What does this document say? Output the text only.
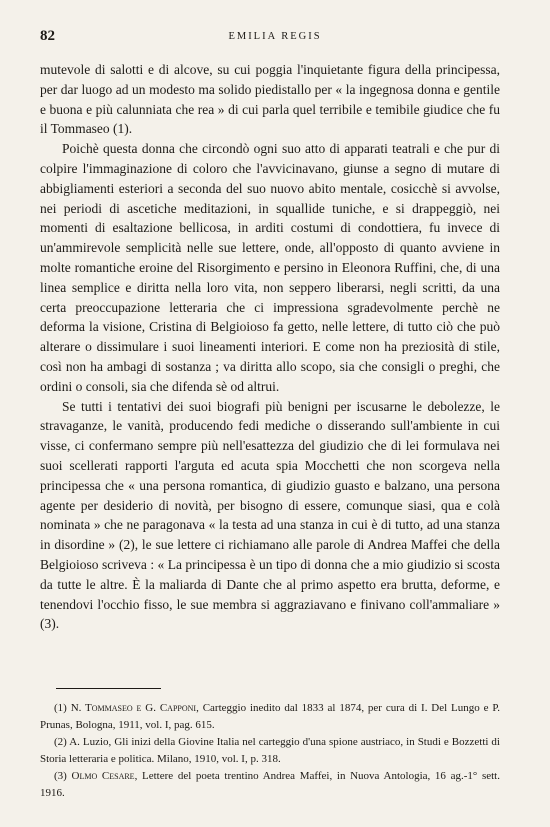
82	EMILIA REGIS

mutevole di salotti e di alcove, su cui poggia l'inquietante figura della principessa, per dar luogo ad un modesto ma solido piedistallo per « la ingegnosa donna e gentile e buona e più calunniata che rea » di cui parla quel terribile e temibile giudice che fu il Tommaseo (1).

Poichè questa donna che circondò ogni suo atto di apparati teatrali e che pur di colpire l'immaginazione di coloro che l'avvicinavano, giunse a segno di mutare di abbigliamenti esteriori a seconda del suo nuovo abito mentale, cosicchè si avvolse, nei periodi di ascetiche meditazioni, in squallide tuniche, e si drappeggiò, nei momenti di esaltazione bellicosa, in arditi costumi di condottiera, fu invece di un'ammirevole semplicità nelle sue lettere, onde, all'opposto di quanto avviene in molte romantiche eroine del Risorgimento e persino in Eleonora Ruffini, che, di una linea semplice e diritta nella loro vita, non seppero liberarsi, negli scritti, da una certa preoccupazione letteraria che ci impressiona sgradevolmente perchè ne deforma la visione, Cristina di Belgioioso fa getto, nelle lettere, di tutto ciò che può alterare o dissimulare i suoi lineamenti interiori. E come non ha preziosità di stile, così non ha ambagi di sostanza ; va diritta allo scopo, sia che consigli o preghi, che ordini o consoli, sia che difenda sè od altrui.

Se tutti i tentativi dei suoi biografi più benigni per iscusarne le debolezze, le stravaganze, le vanità, producendo fedi mediche o disserando sull'ambiente in cui visse, ci confermano sempre più nell'esattezza del giudizio che di lei formulava nei suoi scellerati rapporti l'arguta ed acuta spia Mocchetti che non scorgeva nella principessa che « una persona romantica, di giudizio guasto e balzano, una persona agente per desiderio di novità, per bisogno di essere, comunque siasi, qua e colà nominata » che ne paragonava « la testa ad una stanza in cui è di tutto, ad una stanza in disordine » (2), le sue lettere ci richiamano alle parole di Andrea Maffei che della Belgioioso scriveva : « La principessa è un tipo di donna che a mio giudizio si scosta da tutte le altre. È la maliarda di Dante che al primo aspetto era brutta, deforme, e tenendovi l'occhio fisso, le sue membra si aggraziavano e finivano coll'ammaliare » (3).

(1) N. Tommaseo e G. Capponi, Carteggio inedito dal 1833 al 1874, per cura di I. Del Lungo e P. Prunas, Bologna, 1911, vol. I, pag. 615.

(2) A. Luzio, Gli inizi della Giovine Italia nel carteggio d'una spione austriaco, in Studi e Bozzetti di Storia letteraria e politica. Milano, 1910, vol. I, p. 318.

(3) Olmo Cesare, Lettere del poeta trentino Andrea Maffei, in Nuova Antologia, 16 ag.-1° sett. 1916.
